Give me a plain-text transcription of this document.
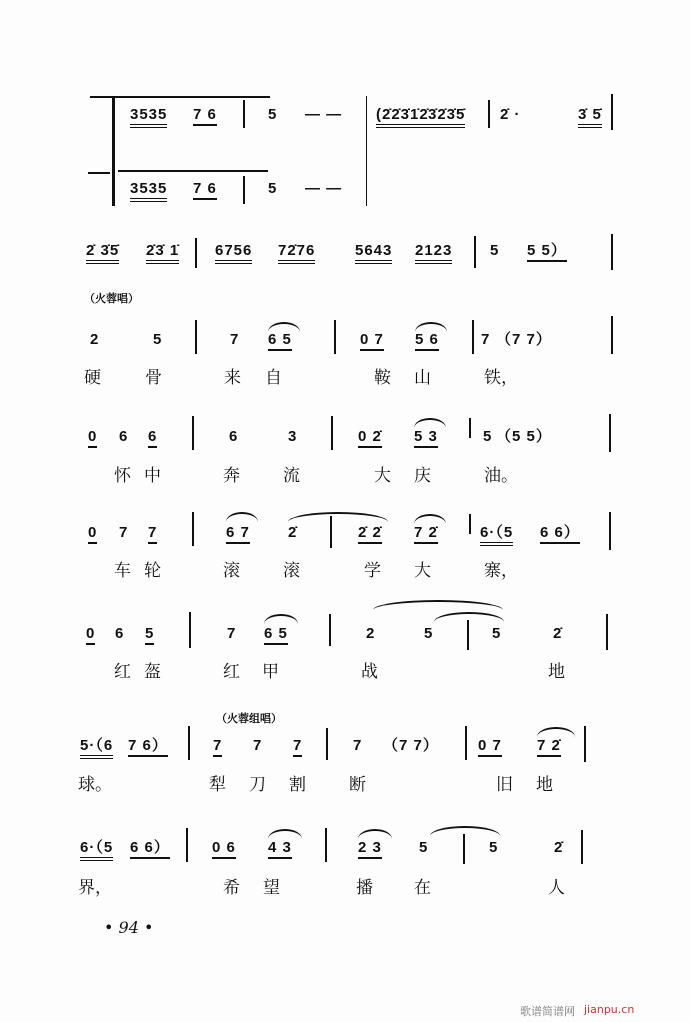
3535 7 6	5 — — (2̇2̇3̇1̇2̇ 3̇2̇3̇5̇ 2̇ ·	3̇ 5̇
3535 7 6	5 — —
2̇ 3̇5̇ 2̇3̇ 1̇ 6756 72̇76	5643 2123	5 5 5）
（火蓉唱）
2	5	7 6 5	0 7 5 6	7 （7 7）
硬	骨	来 自	鞍 山	铁，
0 6 6	6	3	0 2̇ 5 3	5 （5 5）
怀 中	奔	流	大 庆	油。
0 7 7	6 7	2̇	2̇ 2̇ 7 2̇	6·（5 6 6）
车 轮	滚	滚	学 大	寨，
0 6 5	7 6 5	2	5	5	2̇
红 盔	红 甲	战	地
（火蓉组唱）
5·（6 7 6）	7 7 7	7 （7 7）	0 7 7 2̇
球。	犁 刀 割	断	旧 地
6·（5 6 6）	0 6 4 3	2 3 5	5	2̇
界，	希 望	播 在	人
• 94 •
歌谱简谱网 jianpu.cn
